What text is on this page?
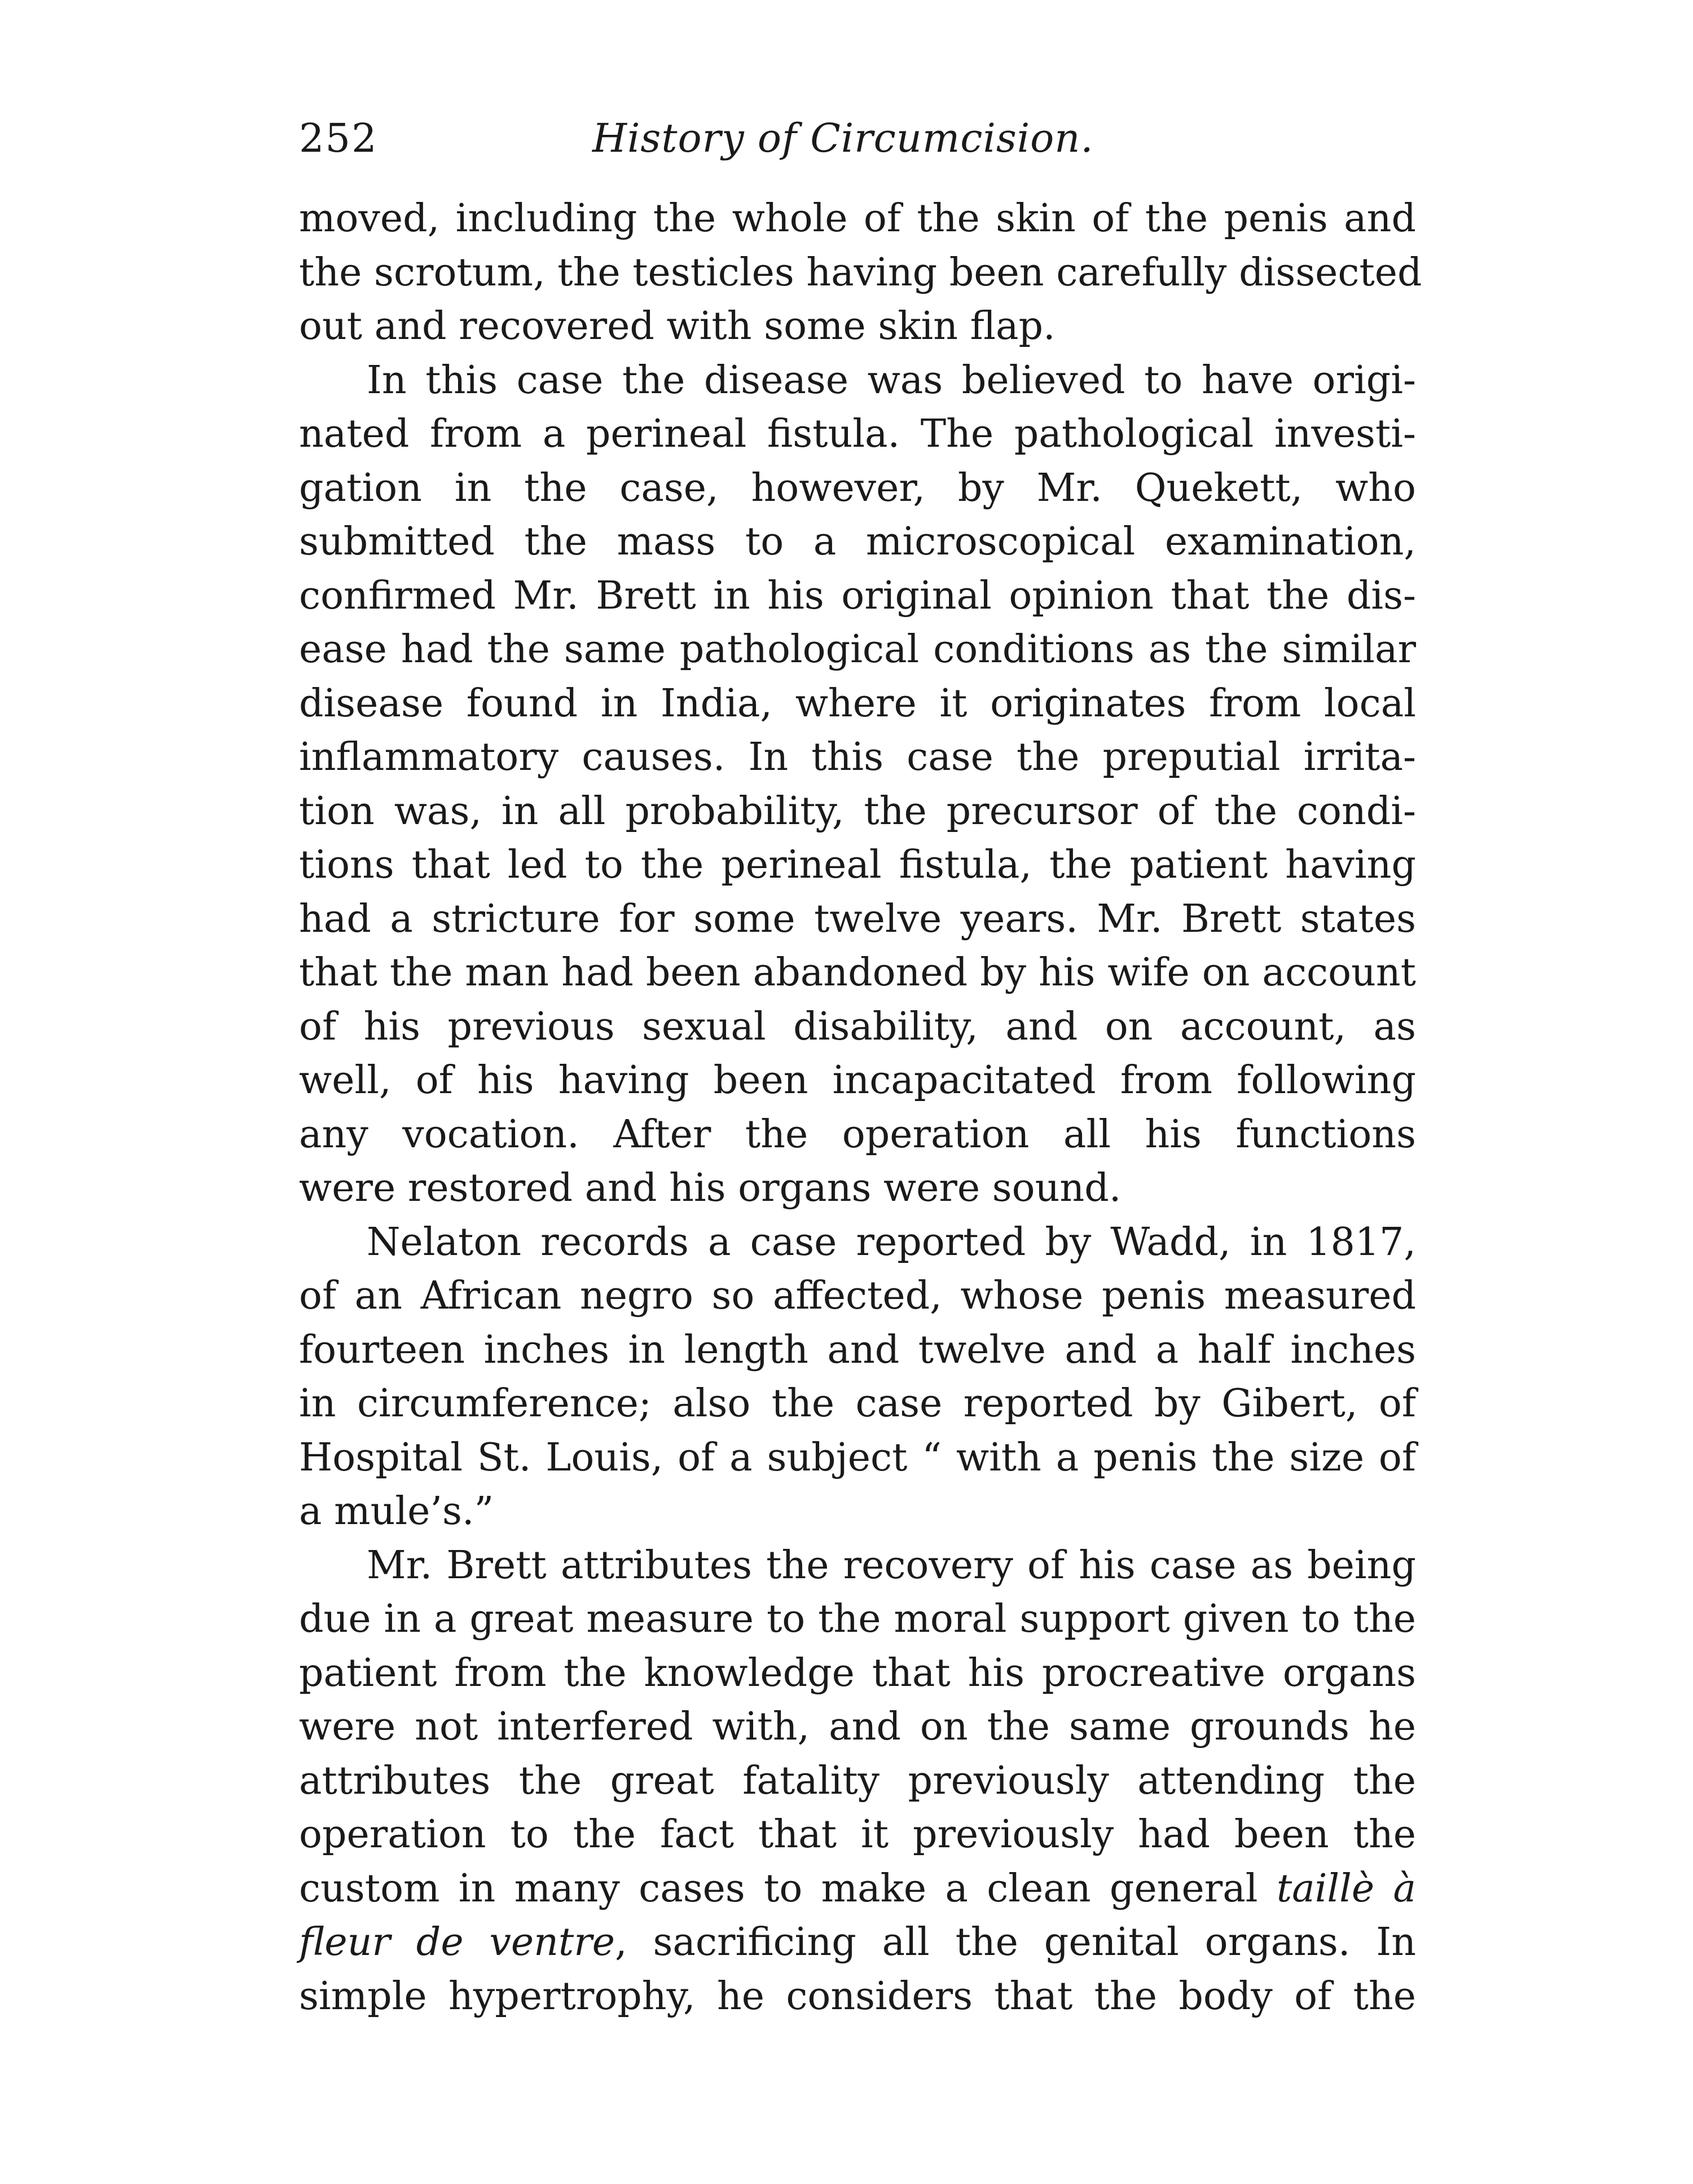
252	History of Circumcision.
moved, including the whole of the skin of the penis and
the scrotum, the testicles having been carefully dissected
out and recovered with some skin flap.
In this case the disease was believed to have origi-
nated from a perineal fistula. The pathological investi-
gation in the case, however, by Mr. Quekett, who
submitted the mass to a microscopical examination,
confirmed Mr. Brett in his original opinion that the dis-
ease had the same pathological conditions as the similar
disease found in India, where it originates from local
inflammatory causes. In this case the preputial irrita-
tion was, in all probability, the precursor of the condi-
tions that led to the perineal fistula, the patient having
had a stricture for some twelve years. Mr. Brett states
that the man had been abandoned by his wife on account
of his previous sexual disability, and on account, as
well, of his having been incapacitated from following
any vocation. After the operation all his functions
were restored and his organs were sound.
Nelaton records a case reported by Wadd, in 1817,
of an African negro so affected, whose penis measured
fourteen inches in length and twelve and a half inches
in circumference; also the case reported by Gibert, of
Hospital St. Louis, of a subject “ with a penis the size of
a mule’s.”
Mr. Brett attributes the recovery of his case as being
due in a great measure to the moral support given to the
patient from the knowledge that his procreative organs
were not interfered with, and on the same grounds he
attributes the great fatality previously attending the
operation to the fact that it previously had been the
custom in many cases to make a clean general taillè à
fleur de ventre, sacrificing all the genital organs. In
simple hypertrophy, he considers that the body of the
